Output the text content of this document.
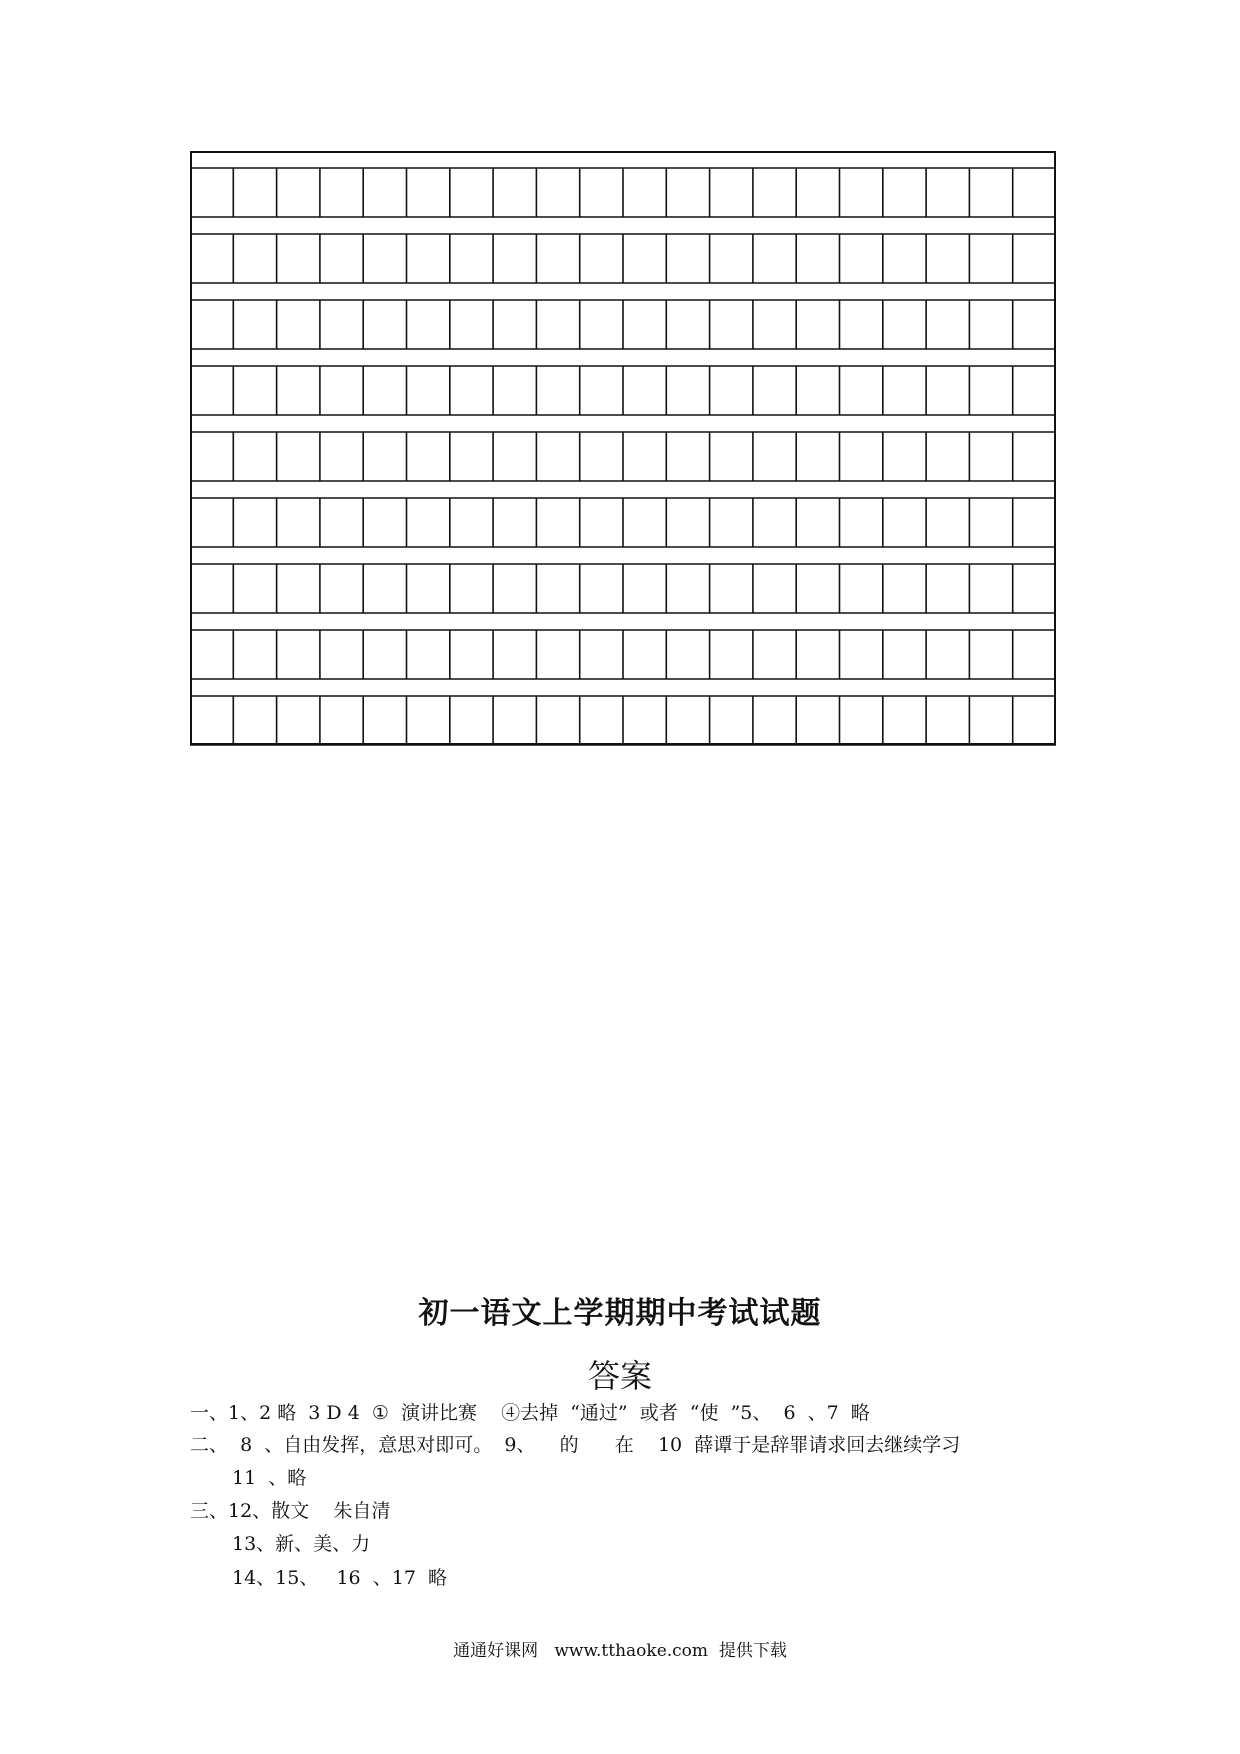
初一语文上学期期中考试试题
答案
一、1、2 略  3 D 4  ①  演讲比赛    ④去掉  “通过”  或者  “使  ”5、  6  、7  略
二、  8  、自由发挥，意思对即可。  9、    的      在    10  薛谭于是辞罪请求回去继续学习
11  、略
三、12、散文    朱自清
13、新、美、力
14、15、   16  、17  略
通通好课网   www.tthaoke.com  提供下载
